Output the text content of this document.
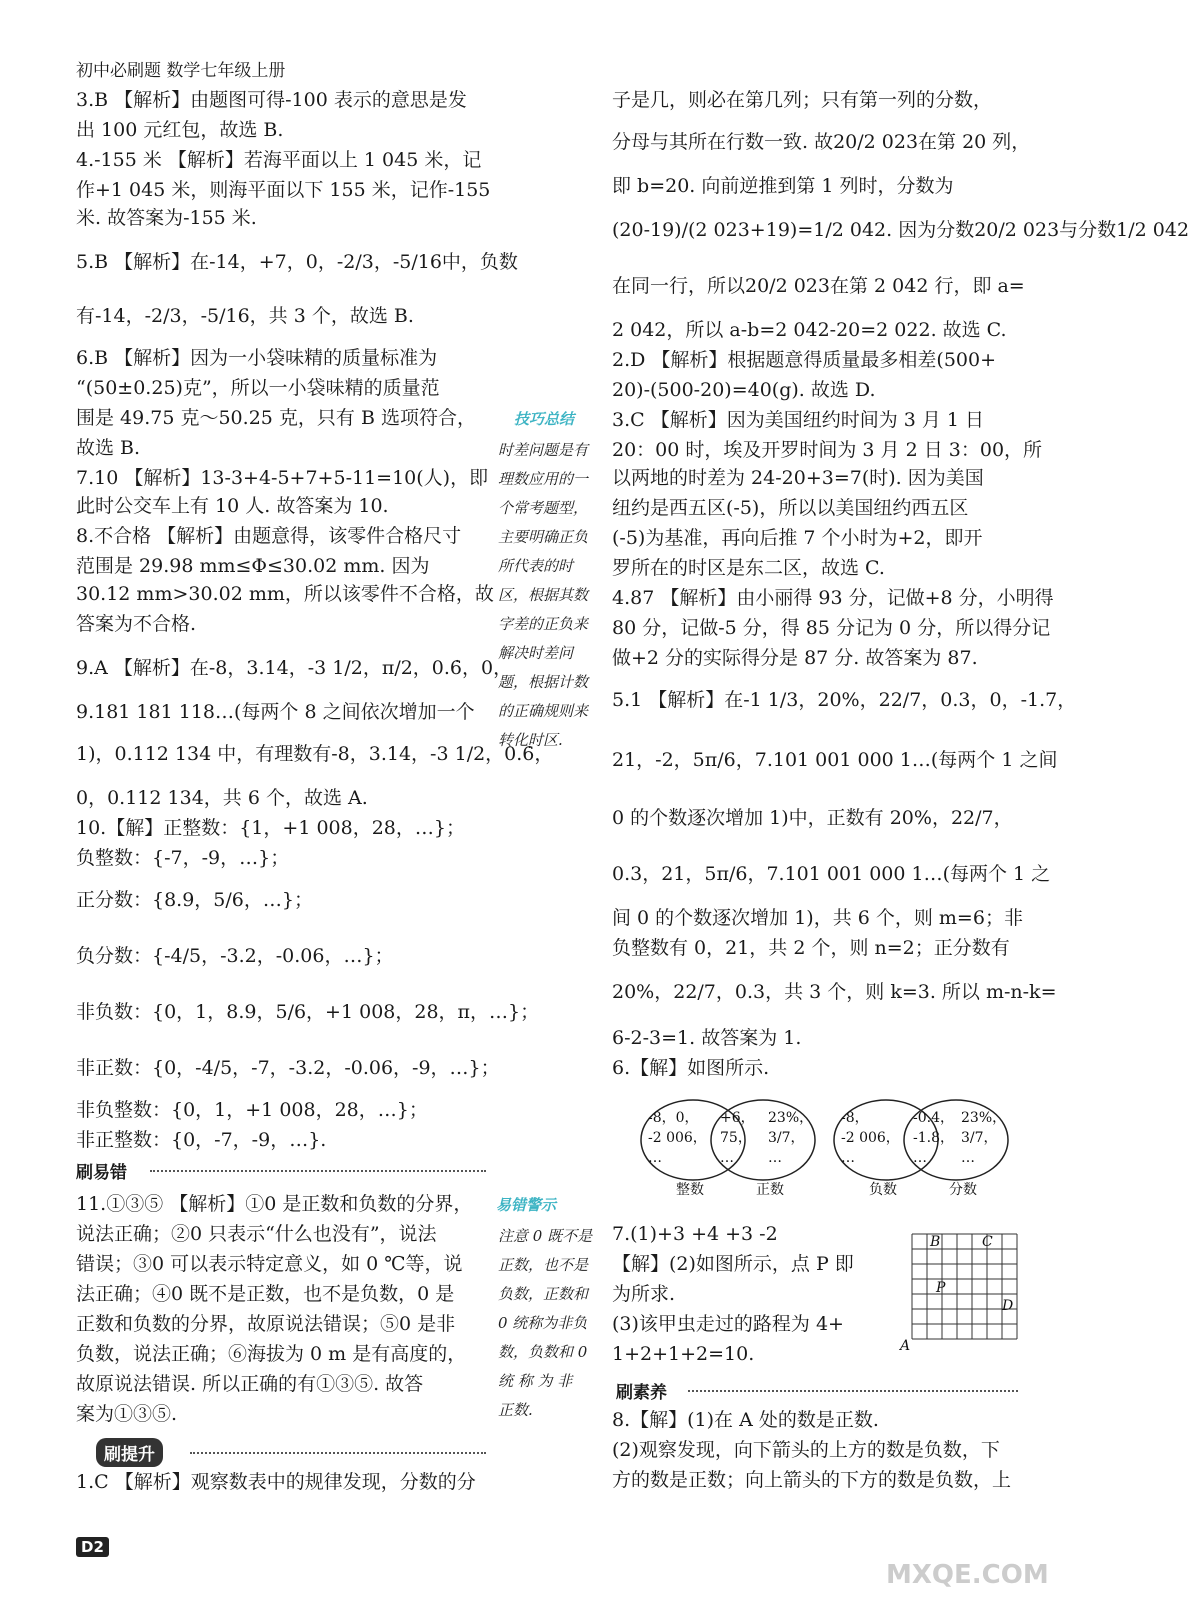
初中必刷题 数学七年级上册
3.B 【解析】由题图可得-100 表示的意思是发
出 100 元红包，故选 B.
4.-155 米 【解析】若海平面以上 1 045 米，记
作+1 045 米，则海平面以下 155 米，记作-155
米. 故答案为-155 米.
5.B 【解析】在-14，+7，0，-2/3，-5/16中，负数
有-14，-2/3，-5/16，共 3 个，故选 B.
6.B 【解析】因为一小袋味精的质量标准为
“(50±0.25)克”，所以一小袋味精的质量范
围是 49.75 克～50.25 克，只有 B 选项符合，
故选 B.
7.10 【解析】13-3+4-5+7+5-11=10(人)，即
此时公交车上有 10 人. 故答案为 10.
8.不合格 【解析】由题意得，该零件合格尺寸
范围是 29.98 mm≤Φ≤30.02 mm. 因为
30.12 mm>30.02 mm，所以该零件不合格，故
答案为不合格.
9.A 【解析】在-8，3.14，-3 1/2，π/2，0.6̇，0，
9.181 181 118…(每两个 8 之间依次增加一个
1)，0.112 134 中，有理数有-8，3.14，-3 1/2，0.6̇，
0，0.112 134，共 6 个，故选 A.
10.【解】正整数：{1，+1 008，28，…}；
负整数：{-7，-9，…}；
正分数：{8.9，5/6，…}；
负分数：{-4/5，-3.2，-0.06，…}；
非负数：{0，1，8.9，5/6，+1 008，28，π，…}；
非正数：{0，-4/5，-7，-3.2，-0.06，-9，…}；
非负整数：{0，1，+1 008，28，…}；
非正整数：{0，-7，-9，…}.
11.①③⑤ 【解析】①0 是正数和负数的分界，
说法正确；②0 只表示“什么也没有”，说法
错误；③0 可以表示特定意义，如 0 ℃等，说
法正确；④0 既不是正数，也不是负数，0 是
正数和负数的分界，故原说法错误；⑤0 是非
负数，说法正确；⑥海拔为 0 m 是有高度的，
故原说法错误. 所以正确的有①③⑤. 故答
案为①③⑤.
1.C 【解析】观察数表中的规律发现，分数的分
子是几，则必在第几列；只有第一列的分数，
分母与其所在行数一致. 故20/2 023在第 20 列，
即 b=20. 向前逆推到第 1 列时，分数为
(20-19)/(2 023+19)=1/2 042. 因为分数20/2 023与分数1/2 042
在同一行，所以20/2 023在第 2 042 行，即 a=
2 042，所以 a-b=2 042-20=2 022. 故选 C.
2.D 【解析】根据题意得质量最多相差(500+
20)-(500-20)=40(g). 故选 D.
3.C 【解析】因为美国纽约时间为 3 月 1 日
20：00 时，埃及开罗时间为 3 月 2 日 3：00，所
以两地的时差为 24-20+3=7(时). 因为美国
纽约是西五区(-5)，所以以美国纽约西五区
(-5)为基准，再向后推 7 个小时为+2，即开
罗所在的时区是东二区，故选 C.
4.87 【解析】由小丽得 93 分，记做+8 分，小明得
80 分，记做-5 分，得 85 分记为 0 分，所以得分记
做+2 分的实际得分是 87 分. 故答案为 87.
5.1 【解析】在-1 1/3，20%，22/7，0.3，0，-1.7，
21，-2，5π/6，7.101 001 000 1…(每两个 1 之间
0 的个数逐次增加 1)中，正数有 20%，22/7，
0.3，21，5π/6，7.101 001 000 1…(每两个 1 之
间 0 的个数逐次增加 1)，共 6 个，则 m=6；非
负整数有 0，21，共 2 个，则 n=2；正分数有
20%，22/7，0.3，共 3 个，则 k=3. 所以 m-n-k=
6-2-3=1. 故答案为 1.
6.【解】如图所示.
7.(1)+3 +4 +3 -2
【解】(2)如图所示，点 P 即
为所求.
(3)该甲虫走过的路程为 4+
1+2+1+2=10.
8.【解】(1)在 A 处的数是正数.
(2)观察发现，向下箭头的上方的数是负数，下
方的数是正数；向上箭头的下方的数是负数，上
技巧总结
时差问题是有
理数应用的一
个常考题型，
主要明确正负
所代表的时
区，根据其数
字差的正负来
解决时差问
题，根据计数
的正确规则来
转化时区.
易错警示
注意 0 既不是
正数，也不是
负数，正数和
0 统称为非负
数，负数和 0
统 称 为 非
正数.
刷易错
刷提升
刷素养
-8，0，
-2 006，
…
+6，
75，
…
23%，
3/7，
…
整数	正数
-8，
-2 006，
…
-0.4，
-1.8，
…
23%，
3/7，
…
负数	分数
B	C
P
D
A
D2
MXQE.COM
